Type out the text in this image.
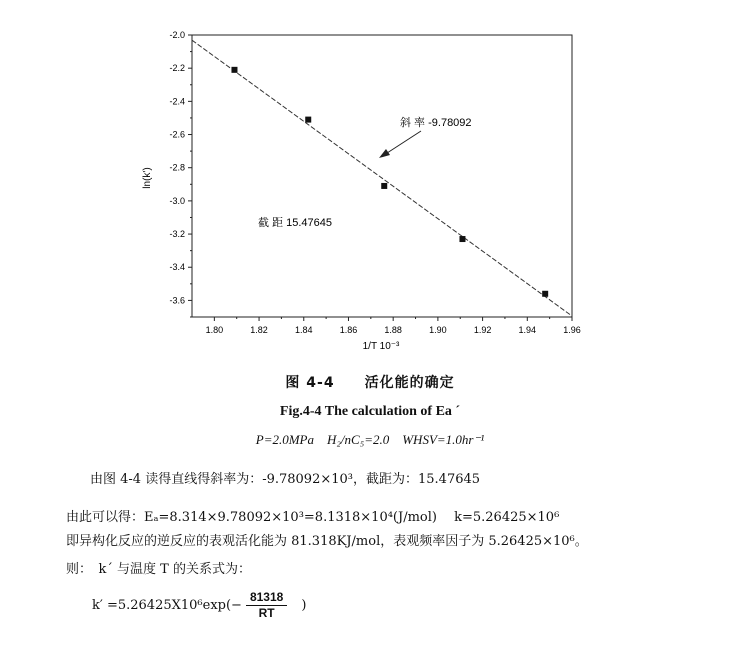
1.80	1.82	1.84	1.86	1.88	1.90	1.92	1.94	1.96
-2.0
-2.2
-2.4
-2.6
-2.8
-3.0
-3.2
-3.4
-3.6
斜 率 -9.78092
截 距 15.47645
1/T 10⁻³
ln(k')
图 4-4　　活化能的确定
Fig.4-4 The calculation of Ea ´
P=2.0MPa　H₂/nC₅=2.0　WHSV=1.0hr⁻¹
由图 4-4 读得直线得斜率为：-9.78092×10³，截距为：15.47645
由此可以得：Eₐ=8.314×9.78092×10³=8.1318×10⁴(J/mol)　 k=5.26425×10⁶
即异构化反应的逆反应的表观活化能为 81.318KJ/mol，表观频率因子为 5.26425×10⁶。
则：　k´ 与温度 T 的关系式为：
$k' =5.26425X10^6\exp(- \frac{81318}{RT}$ )
